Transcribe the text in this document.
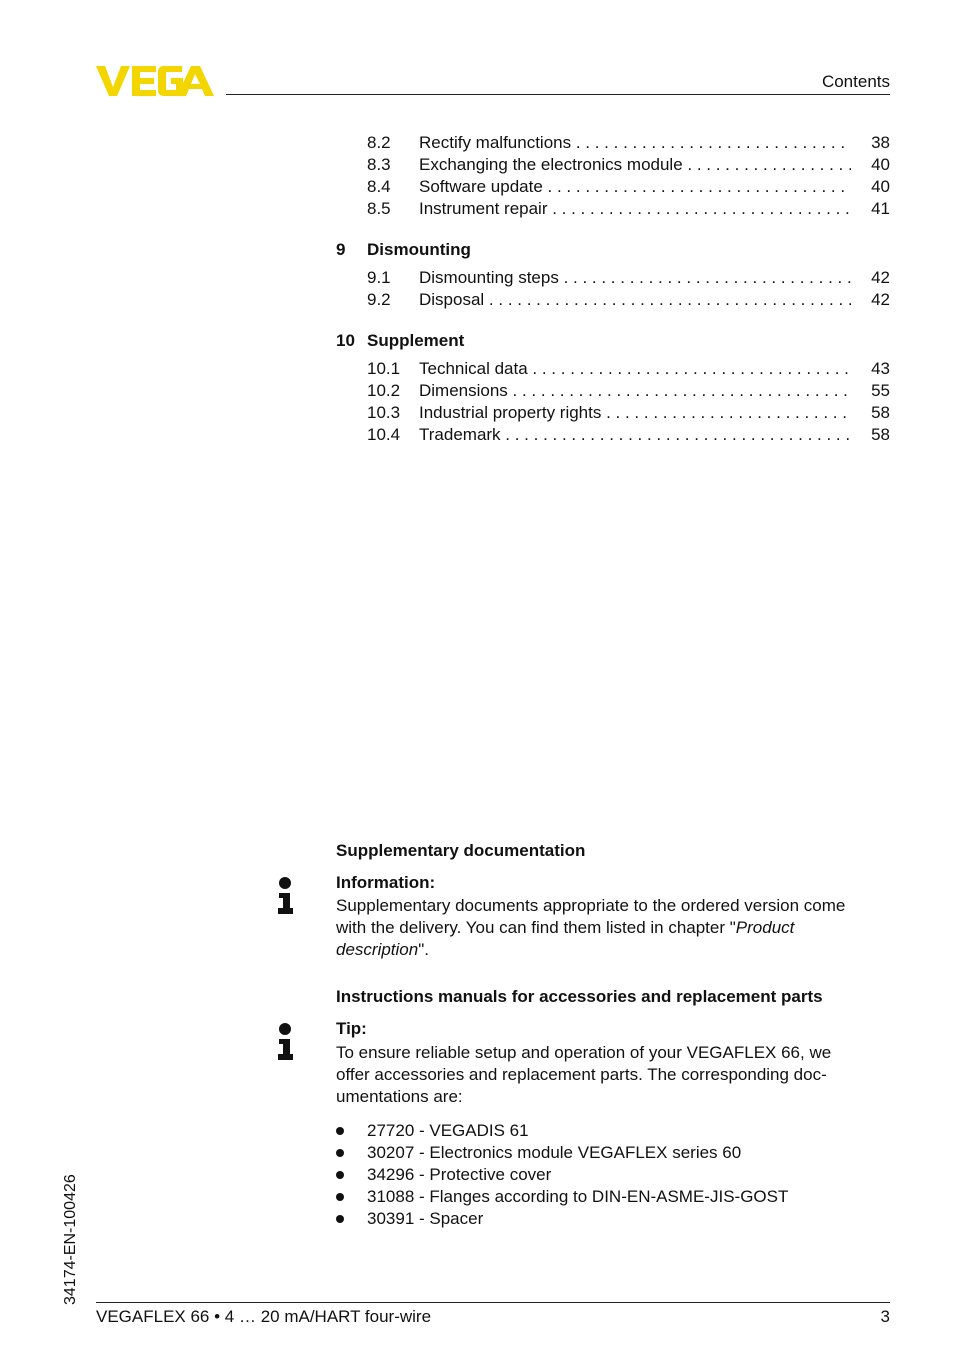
Contents
8.2 Rectify malfunctions . . .	38
8.3 Exchanging the electronics module . . .	40
8.4 Software update . . .	40
8.5 Instrument repair . . .	41
9 Dismounting
9.1 Dismounting steps . . .	42
9.2 Disposal . . .	42
10 Supplement
10.1 Technical data . . .	43
10.2 Dimensions . . .	55
10.3 Industrial property rights . . .	58
10.4 Trademark . . .	58
Supplementary documentation
Information:
Supplementary documents appropriate to the ordered version come
with the delivery. You can find them listed in chapter "Product
description".
Instructions manuals for accessories and replacement parts
Tip:
To ensure reliable setup and operation of your VEGAFLEX 66, we
offer accessories and replacement parts. The corresponding doc-
umentations are:
27720 - VEGADIS 61
30207 - Electronics module VEGAFLEX series 60
34296 - Protective cover
31088 - Flanges according to DIN-EN-ASME-JIS-GOST
30391 - Spacer
34174-EN-100426
VEGAFLEX 66 • 4 … 20 mA/HART four-wire	3
